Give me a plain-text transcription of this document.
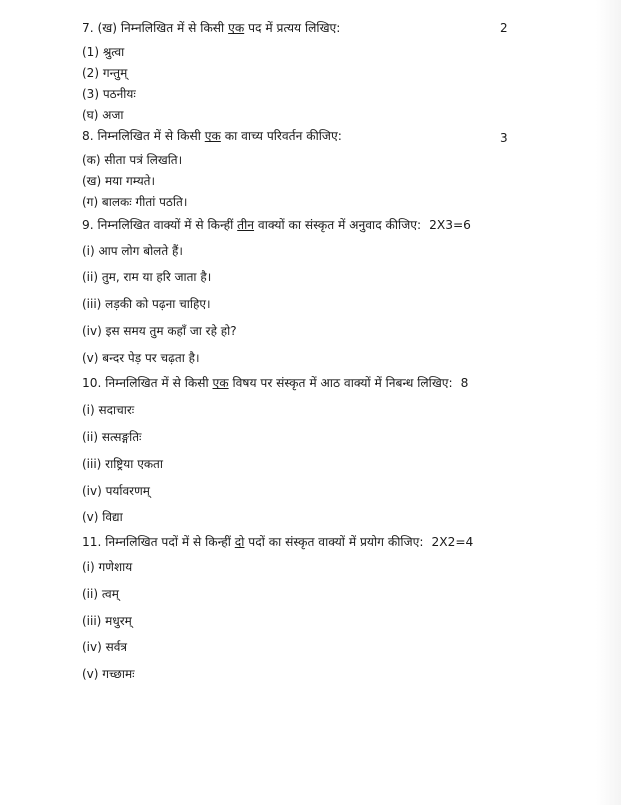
7. (ख) निम्नलिखित में से किसी एक पद में प्रत्यय लिखिए:	2
(1) श्रुत्वा
(2) गन्तुम्
(3) पठनीयः
(घ) अजा
8. निम्नलिखित में से किसी एक का वाच्य परिवर्तन कीजिए:	3
(क) सीता पत्रं लिखति।
(ख) मया गम्यते।
(ग) बालकः गीतां पठति।
9. निम्नलिखित वाक्यों में से किन्हीं तीन वाक्यों का संस्कृत में अनुवाद कीजिए: 2X3=6
(i) आप लोग बोलते हैं।
(ii) तुम, राम या हरि जाता है।
(iii) लड़की को पढ़ना चाहिए।
(iv) इस समय तुम कहाँ जा रहे हो?
(v) बन्दर पेड़ पर चढ़ता है।
10. निम्नलिखित में से किसी एक विषय पर संस्कृत में आठ वाक्यों में निबन्ध लिखिए: 8
(i) सदाचारः
(ii) सत्सङ्गतिः
(iii) राष्ट्रिया एकता
(iv) पर्यावरणम्
(v) विद्या
11. निम्नलिखित पदों में से किन्हीं दो पदों का संस्कृत वाक्यों में प्रयोग कीजिए: 2X2=4
(i) गणेशाय
(ii) त्वम्
(iii) मधुरम्
(iv) सर्वत्र
(v) गच्छामः
